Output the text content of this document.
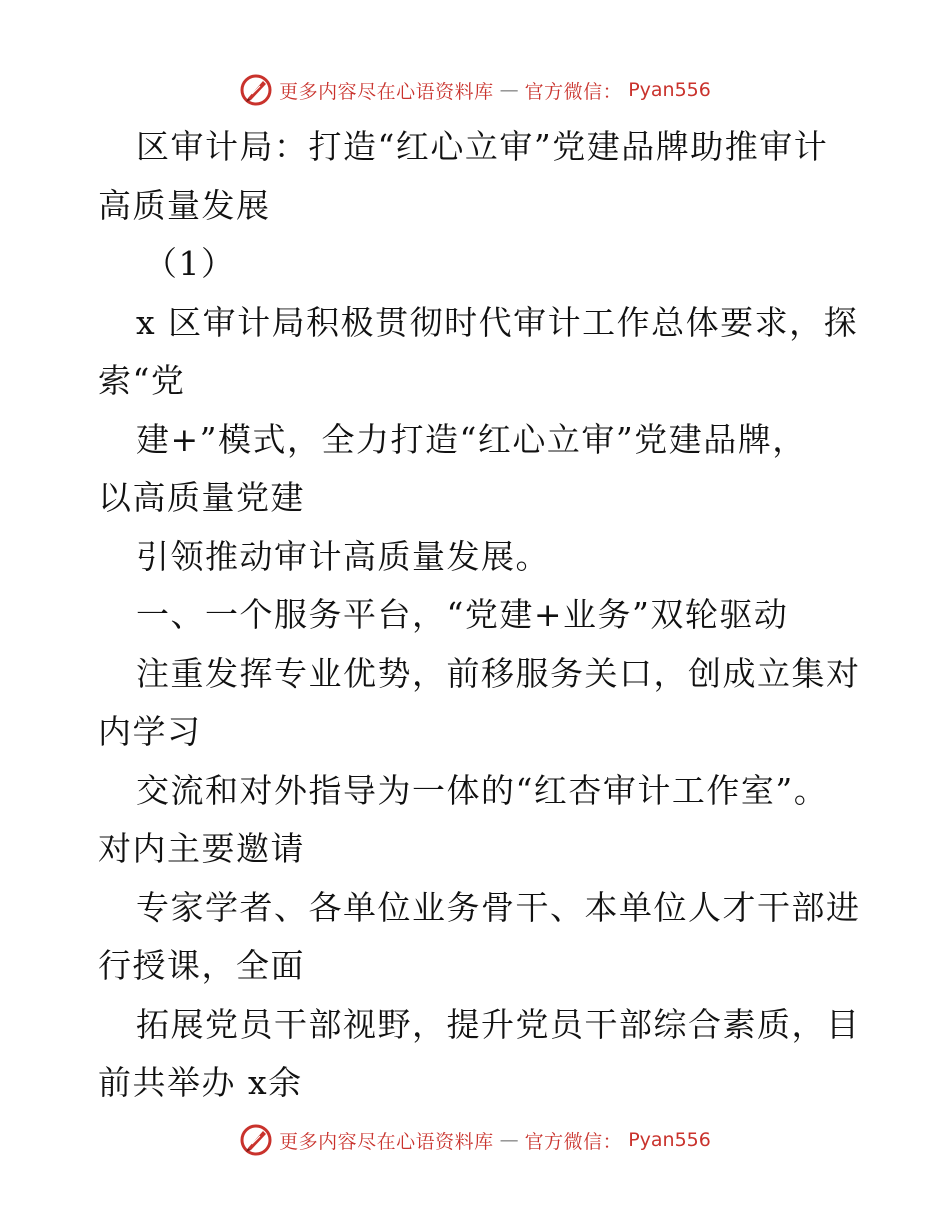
更多内容尽在心语资料库 — 官方微信： Pyan556
区审计局：打造“红心立审”党建品牌助推审计
高质量发展
（1）
x 区审计局积极贯彻时代审计工作总体要求，探
索“党
建+”模式，全力打造“红心立审”党建品牌，
以高质量党建
引领推动审计高质量发展。
一、一个服务平台，“党建+业务”双轮驱动
注重发挥专业优势，前移服务关口，创成立集对
内学习
交流和对外指导为一体的“红杏审计工作室”。
对内主要邀请
专家学者、各单位业务骨干、本单位人才干部进
行授课，全面
拓展党员干部视野，提升党员干部综合素质，目
前共举办 x余
更多内容尽在心语资料库 — 官方微信： Pyan556
